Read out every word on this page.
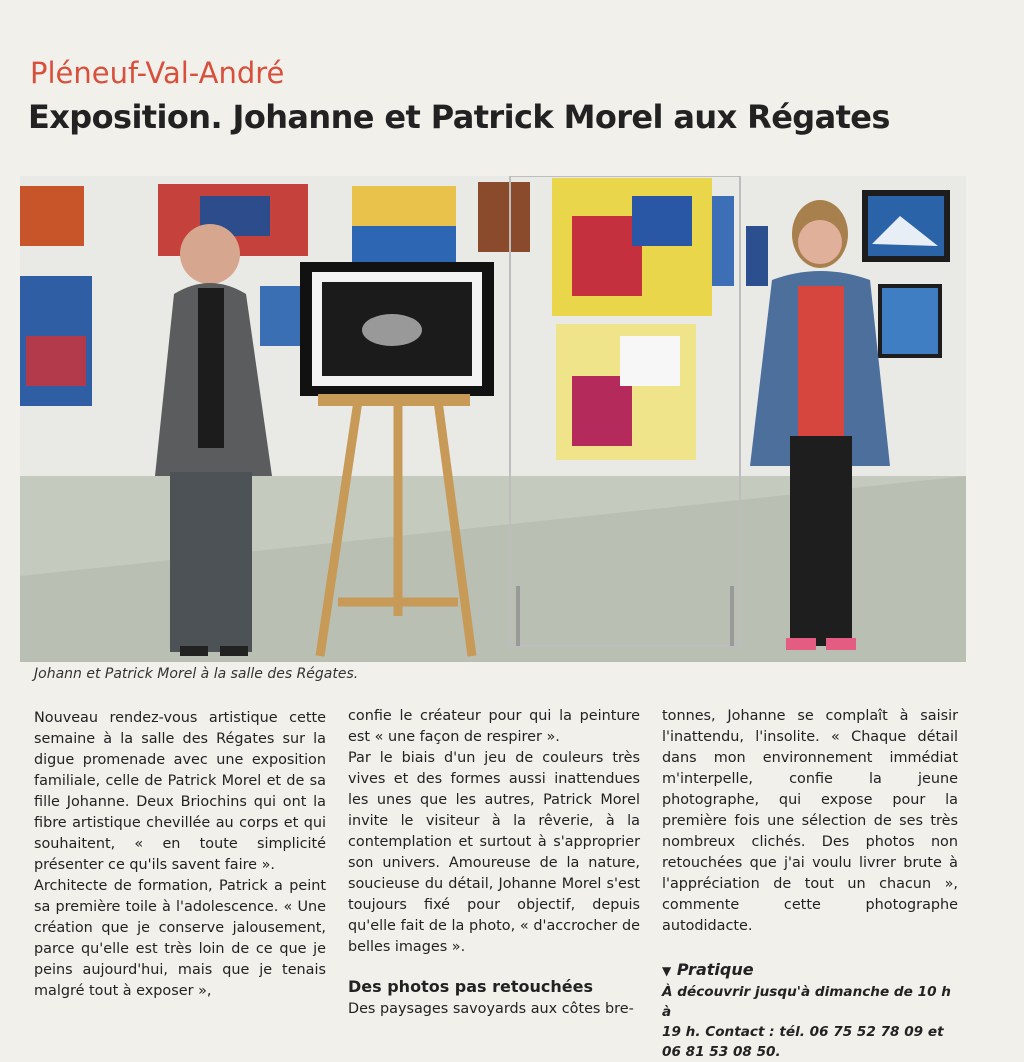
Pléneuf-Val-André
Exposition. Johanne et Patrick Morel aux Régates
Johann et Patrick Morel à la salle des Régates.

Nouveau rendez-vous artistique cette semaine à la salle des Régates sur la digue promenade avec une exposition familiale, celle de Patrick Morel et de sa fille Johanne. Deux Briochins qui ont la fibre artistique chevillée au corps et qui souhaitent, « en toute simplicité présenter ce qu'ils savent faire ».

Architecte de formation, Patrick a peint sa première toile à l'adolescence. « Une création que je conserve jalousement, parce qu'elle est très loin de ce que je peins aujourd'hui, mais que je tenais malgré tout à exposer »,

confie le créateur pour qui la peinture est « une façon de respirer ».

Par le biais d'un jeu de couleurs très vives et des formes aussi inattendues les unes que les autres, Patrick Morel invite le visiteur à la rêverie, à la contemplation et surtout à s'approprier son univers. Amoureuse de la nature, soucieuse du détail, Johanne Morel s'est toujours fixé pour objectif, depuis qu'elle fait de la photo, « d'accrocher de belles images ».

Des photos pas retouchées

Des paysages savoyards aux côtes bre-

tonnes, Johanne se complaît à saisir l'inattendu, l'insolite. « Chaque détail dans mon environnement immédiat m'interpelle, confie la jeune photographe, qui expose pour la première fois une sélection de ses très nombreux clichés. Des photos non retouchées que j'ai voulu livrer brute à l'appréciation de tout un chacun », commente cette photographe autodidacte.

▼ Pratique
À découvrir jusqu'à dimanche de 10 h à
19 h. Contact : tél. 06 75 52 78 09 et
06 81 53 08 50.
